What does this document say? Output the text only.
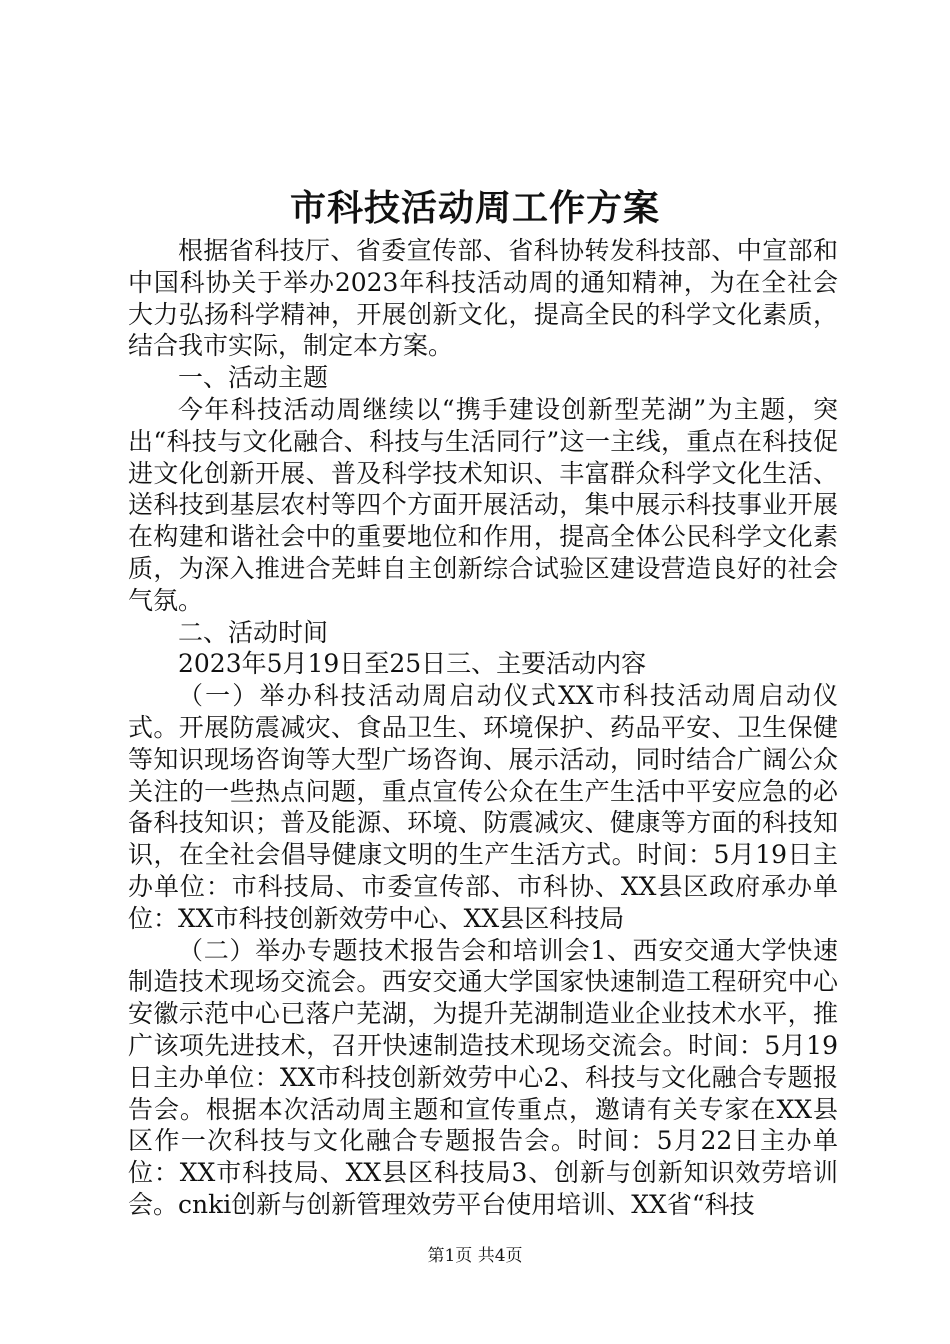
市科技活动周工作方案

根据省科技厅、省委宣传部、省科协转发科技部、中宣部和中国科协关于举办2023年科技活动周的通知精神，为在全社会大力弘扬科学精神，开展创新文化，提高全民的科学文化素质，结合我市实际，制定本方案。

一、活动主题

今年科技活动周继续以“携手建设创新型芜湖”为主题，突出“科技与文化融合、科技与生活同行”这一主线，重点在科技促进文化创新开展、普及科学技术知识、丰富群众科学文化生活、送科技到基层农村等四个方面开展活动，集中展示科技事业开展在构建和谐社会中的重要地位和作用，提高全体公民科学文化素质，为深入推进合芜蚌自主创新综合试验区建设营造良好的社会气氛。

二、活动时间

2023年5月19日至25日三、主要活动内容

（一）举办科技活动周启动仪式XX市科技活动周启动仪式。开展防震减灾、食品卫生、环境保护、药品平安、卫生保健等知识现场咨询等大型广场咨询、展示活动，同时结合广阔公众关注的一些热点问题，重点宣传公众在生产生活中平安应急的必备科技知识；普及能源、环境、防震减灾、健康等方面的科技知识，在全社会倡导健康文明的生产生活方式。时间：5月19日主办单位：市科技局、市委宣传部、市科协、XX县区政府承办单位：XX市科技创新效劳中心、XX县区科技局

（二）举办专题技术报告会和培训会1、西安交通大学快速制造技术现场交流会。西安交通大学国家快速制造工程研究中心安徽示范中心已落户芜湖，为提升芜湖制造业企业技术水平，推广该项先进技术，召开快速制造技术现场交流会。时间：5月19日主办单位：XX市科技创新效劳中心2、科技与文化融合专题报告会。根据本次活动周主题和宣传重点，邀请有关专家在XX县区作一次科技与文化融合专题报告会。时间：5月22日主办单位：XX市科技局、XX县区科技局3、创新与创新知识效劳培训会。cnki创新与创新管理效劳平台使用培训、XX省“科技

第1页 共4页
